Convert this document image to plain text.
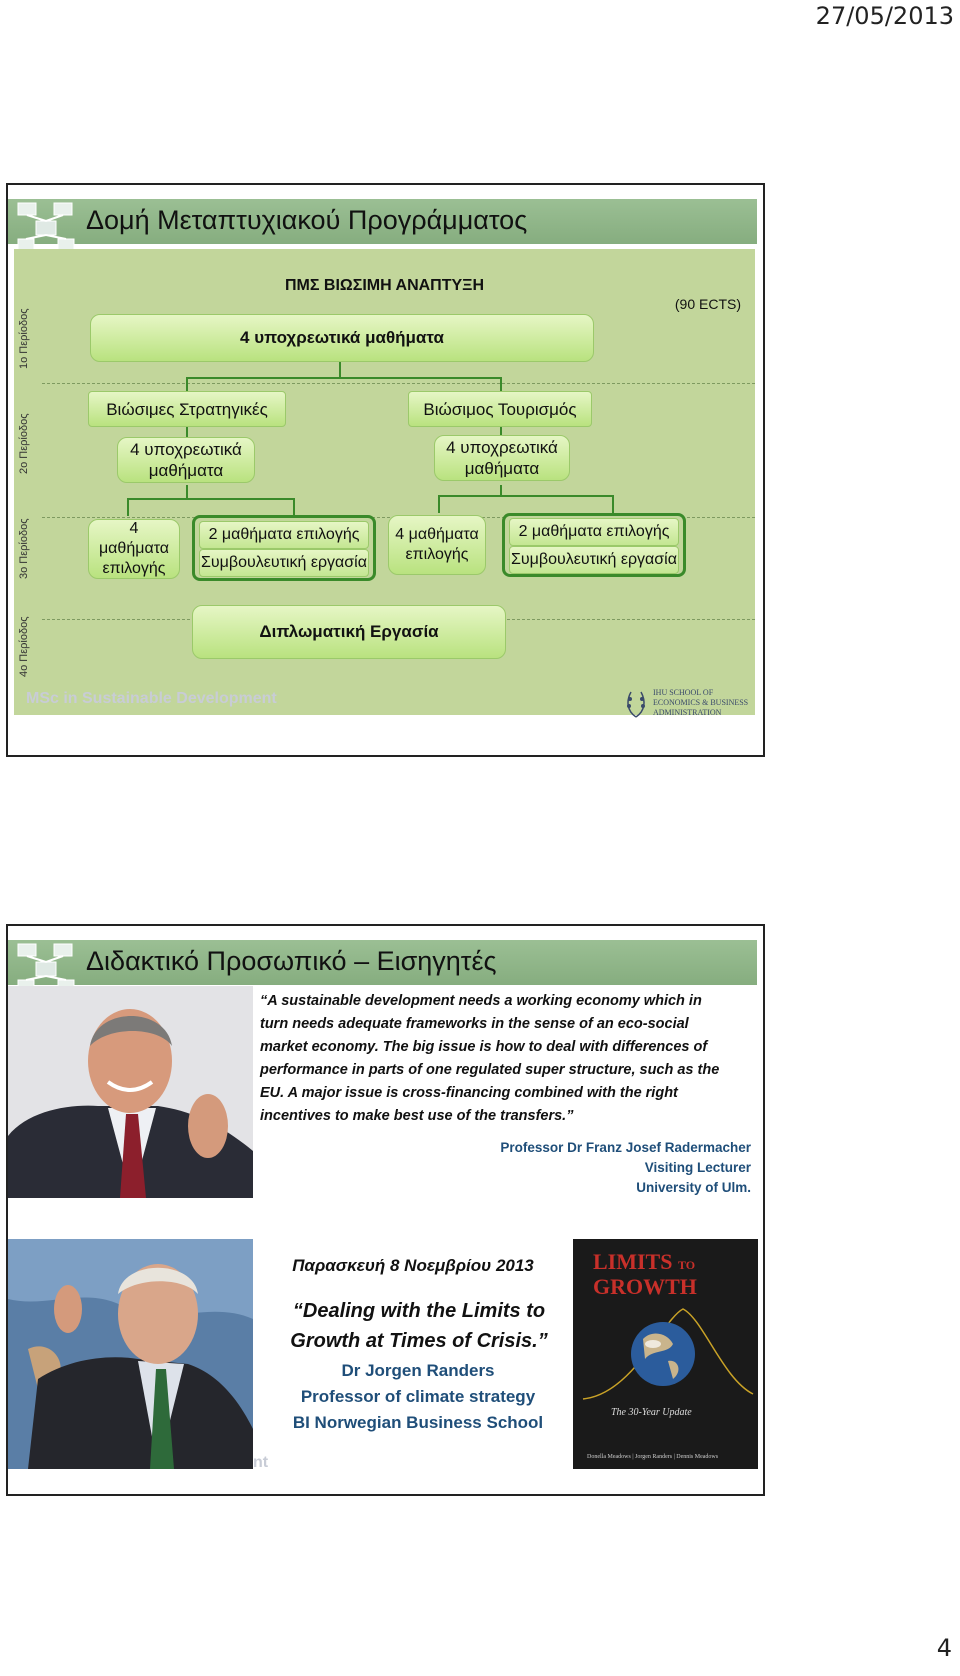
27/05/2013
Δομή Μεταπτυχιακού Προγράμματος
ΠΜΣ ΒΙΩΣΙΜΗ ΑΝΑΠΤΥΞΗ
(90 ECTS)
1ο Περίοδος
2ο Περίοδος
3ο Περίοδος
4ο Περίοδος
4 υποχρεωτικά μαθήματα
Βιώσιμες Στρατηγικές	Βιώσιμος Τουρισμός
4 υποχρεωτικά μαθήματα
4 υποχρεωτικά μαθήματα
4 μαθήματα επιλογής
2 μαθήματα επιλογής
Συμβουλευτική εργασία
4 μαθήματα επιλογής
2 μαθήματα επιλογής
Συμβουλευτική εργασία
Διπλωματική Εργασία
MSc in Sustainable Development	IHU SCHOOL OF
ECONOMICS & BUSINESS
ADMINISTRATION
Διδακτικό Προσωπικό – Εισηγητές
“A sustainable development needs a working economy which in turn needs adequate frameworks in the sense of an eco-social market economy. The big issue is how to deal with differences of performance in parts of one regulated super structure, such as the EU. A major issue is cross-financing combined with the right incentives to make best use of the transfers.”
Professor Dr Franz Josef Radermacher
Visiting Lecturer
University of Ulm.
Παρασκευή 8 Νοεμβρίου 2013
“Dealing with the Limits to Growth at Times of Crisis.”
Dr Jorgen Randers
Professor of climate strategy
BI Norwegian Business School
LIMITS TO
GROWTH
The 30-Year Update
Donella Meadows | Jorgen Randers | Dennis Meadows
nt
4
